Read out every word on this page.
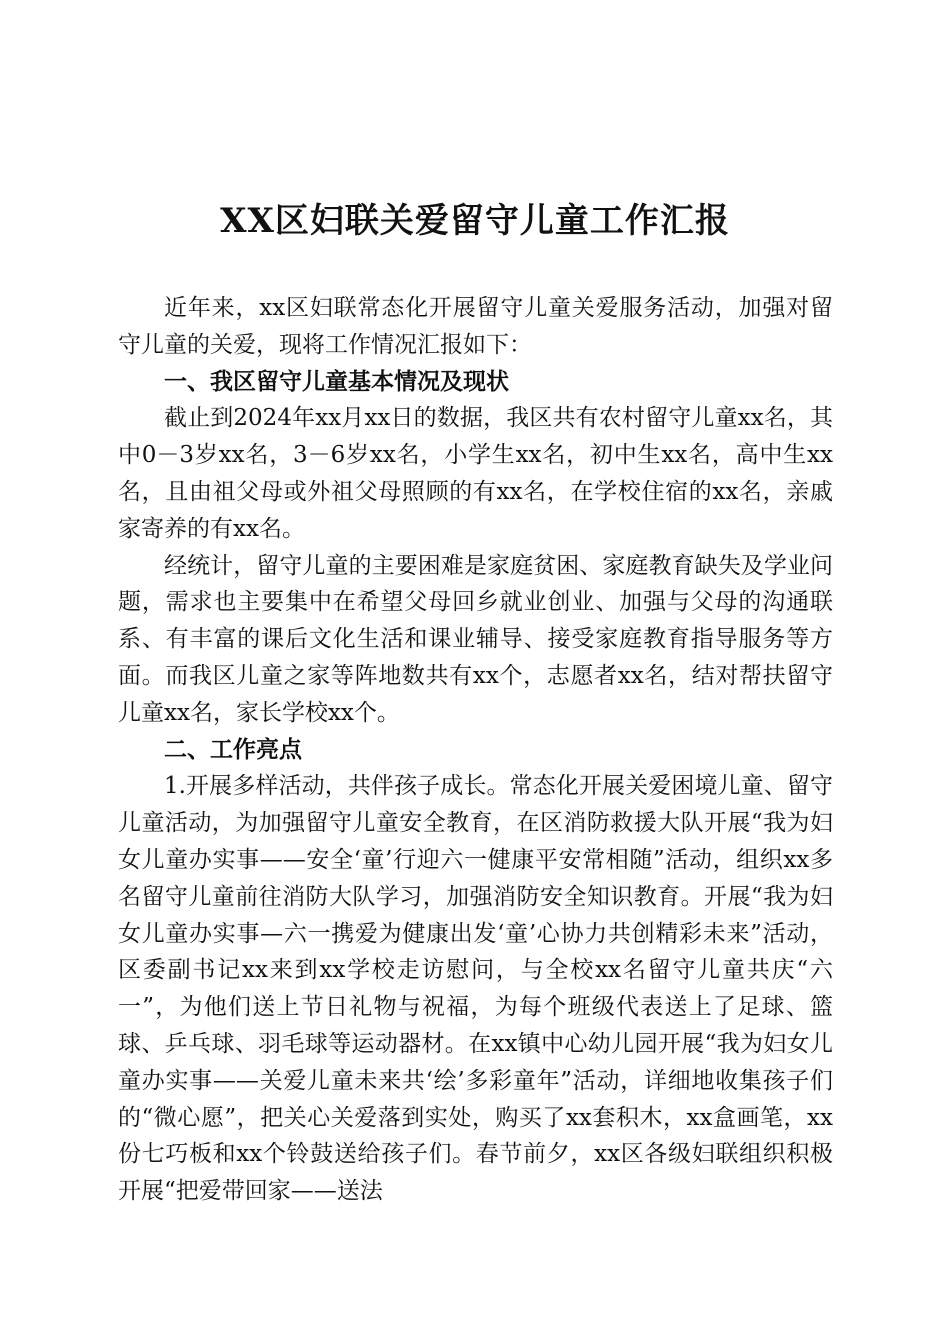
XX区妇联关爱留守儿童工作汇报

近年来，xx区妇联常态化开展留守儿童关爱服务活动，加强对留守儿童的关爱，现将工作情况汇报如下：

一、我区留守儿童基本情况及现状

截止到2024年xx月xx日的数据，我区共有农村留守儿童xx名，其中0－3岁xx名，3－6岁xx名，小学生xx名，初中生xx名，高中生xx名，且由祖父母或外祖父母照顾的有xx名，在学校住宿的xx名，亲戚家寄养的有xx名。

经统计，留守儿童的主要困难是家庭贫困、家庭教育缺失及学业问题，需求也主要集中在希望父母回乡就业创业、加强与父母的沟通联系、有丰富的课后文化生活和课业辅导、接受家庭教育指导服务等方面。而我区儿童之家等阵地数共有xx个，志愿者xx名，结对帮扶留守儿童xx名，家长学校xx个。

二、工作亮点

1.开展多样活动，共伴孩子成长。常态化开展关爱困境儿童、留守儿童活动，为加强留守儿童安全教育，在区消防救援大队开展“我为妇女儿童办实事——安全‘童’行迎六一健康平安常相随”活动，组织xx多名留守儿童前往消防大队学习，加强消防安全知识教育。开展“我为妇女儿童办实事—六一携爱为健康出发‘童’心协力共创精彩未来”活动，区委副书记xx来到xx学校走访慰问，与全校xx名留守儿童共庆“六一”，为他们送上节日礼物与祝福，为每个班级代表送上了足球、篮球、乒乓球、羽毛球等运动器材。在xx镇中心幼儿园开展“我为妇女儿童办实事——关爱儿童未来共‘绘’多彩童年”活动，详细地收集孩子们的“微心愿”，把关心关爱落到实处，购买了xx套积木，xx盒画笔，xx份七巧板和xx个铃鼓送给孩子们。春节前夕，xx区各级妇联组织积极开展“把爱带回家——送法
